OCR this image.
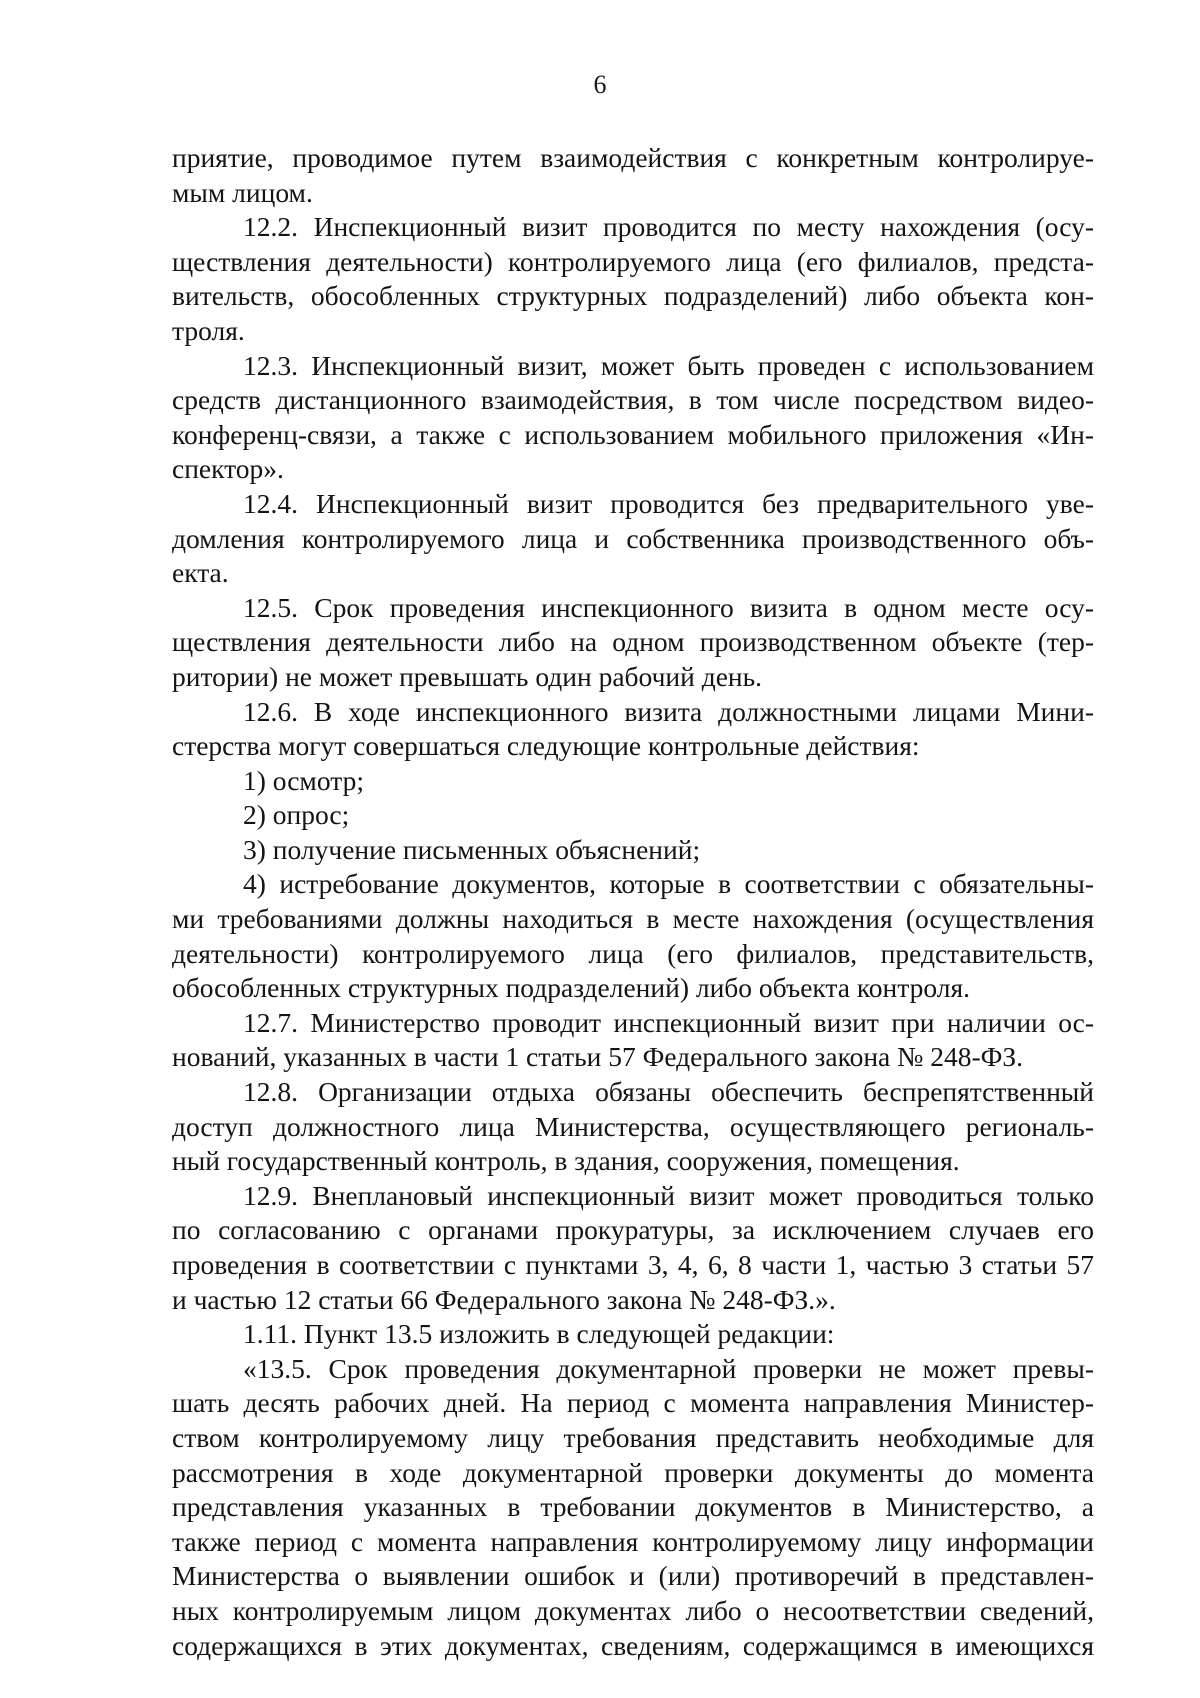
6
приятие, проводимое путем взаимодействия с конкретным контролируе-
мым лицом.
12.2. Инспекционный визит проводится по месту нахождения (осу-
ществления деятельности) контролируемого лица (его филиалов, предста-
вительств, обособленных структурных подразделений) либо объекта кон-
троля.
12.3. Инспекционный визит, может быть проведен с использованием
средств дистанционного взаимодействия, в том числе посредством видео-
конференц-связи, а также с использованием мобильного приложения «Ин-
спектор».
12.4. Инспекционный визит проводится без предварительного уве-
домления контролируемого лица и собственника производственного объ-
екта.
12.5. Срок проведения инспекционного визита в одном месте осу-
ществления деятельности либо на одном производственном объекте (тер-
ритории) не может превышать один рабочий день.
12.6. В ходе инспекционного визита должностными лицами Мини-
стерства могут совершаться следующие контрольные действия:
1) осмотр;
2) опрос;
3) получение письменных объяснений;
4) истребование документов, которые в соответствии с обязательны-
ми требованиями должны находиться в месте нахождения (осуществления
деятельности) контролируемого лица (его филиалов, представительств,
обособленных структурных подразделений) либо объекта контроля.
12.7. Министерство проводит инспекционный визит при наличии ос-
нований, указанных в части 1 статьи 57 Федерального закона № 248-ФЗ.
12.8. Организации отдыха обязаны обеспечить беспрепятственный
доступ должностного лица Министерства, осуществляющего региональ-
ный государственный контроль, в здания, сооружения, помещения.
12.9. Внеплановый инспекционный визит может проводиться только
по согласованию с органами прокуратуры, за исключением случаев его
проведения в соответствии с пунктами 3, 4, 6, 8 части 1, частью 3 статьи 57
и частью 12 статьи 66 Федерального закона № 248-ФЗ.».
1.11. Пункт 13.5 изложить в следующей редакции:
«13.5. Срок проведения документарной проверки не может превы-
шать десять рабочих дней. На период с момента направления Министер-
ством контролируемому лицу требования представить необходимые для
рассмотрения в ходе документарной проверки документы до момента
представления указанных в требовании документов в Министерство, а
также период с момента направления контролируемому лицу информации
Министерства о выявлении ошибок и (или) противоречий в представлен-
ных контролируемым лицом документах либо о несоответствии сведений,
содержащихся в этих документах, сведениям, содержащимся в имеющихся
